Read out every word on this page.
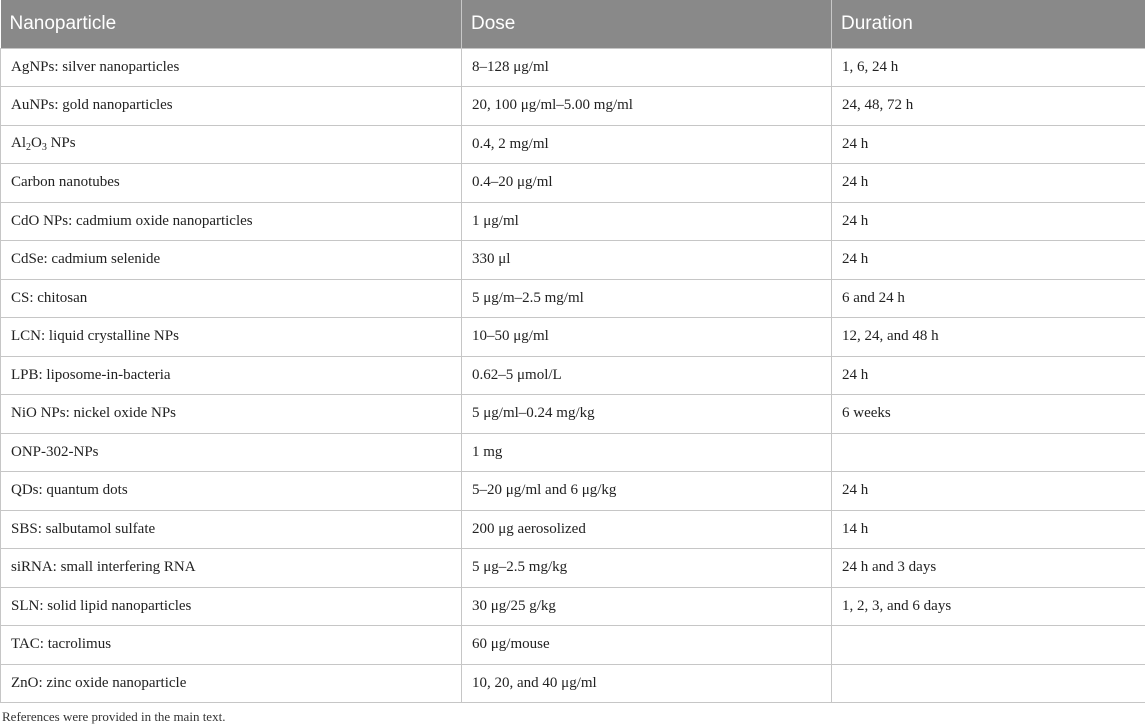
Nanoparticle	Dose	Duration
AgNPs: silver nanoparticles	8–128 μg/ml	1, 6, 24 h
AuNPs: gold nanoparticles	20, 100 μg/ml–5.00 mg/ml	24, 48, 72 h
$Al_2O_3$ NPs	0.4, 2 mg/ml	24 h
Carbon nanotubes	0.4–20 μg/ml	24 h
CdO NPs: cadmium oxide nanoparticles	1 μg/ml	24 h
CdSe: cadmium selenide	330 μl	24 h
CS: chitosan	5 μg/m–2.5 mg/ml	6 and 24 h
LCN: liquid crystalline NPs	10–50 μg/ml	12, 24, and 48 h
LPB: liposome-in-bacteria	0.62–5 μmol/L	24 h
NiO NPs: nickel oxide NPs	5 μg/ml–0.24 mg/kg	6 weeks
ONP-302-NPs	1 mg	
QDs: quantum dots	5–20 μg/ml and 6 μg/kg	24 h
SBS: salbutamol sulfate	200 μg aerosolized	14 h
siRNA: small interfering RNA	5 μg–2.5 mg/kg	24 h and 3 days
SLN: solid lipid nanoparticles	30 μg/25 g/kg	1, 2, 3, and 6 days
TAC: tacrolimus	60 μg/mouse	
ZnO: zinc oxide nanoparticle	10, 20, and 40 μg/ml	
References were provided in the main text.
